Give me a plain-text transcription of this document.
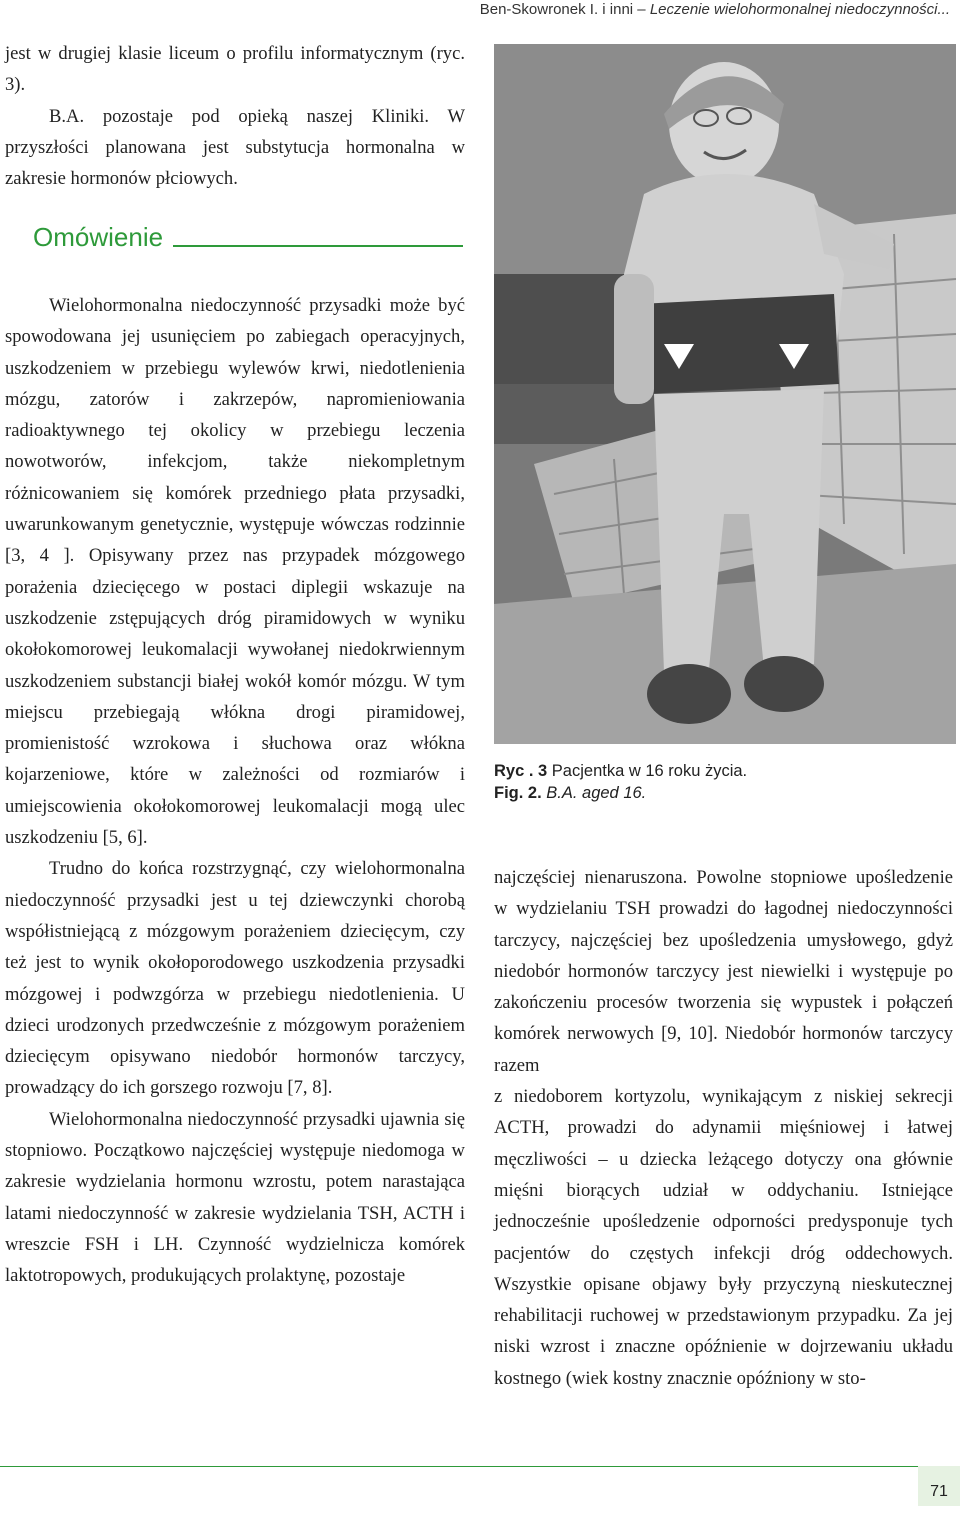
Ben-Skowronek I. i inni – Leczenie wielohormonalnej niedoczynności...

jest w drugiej klasie liceum o profilu informatycznym (ryc. 3).

B.A. pozostaje pod opieką naszej Kliniki. W przyszłości planowana jest substytucja hormonalna w zakresie hormonów płciowych.

Omówienie

Wielohormonalna niedoczynność przysadki może być spowodowana jej usunięciem po zabiegach operacyjnych, uszkodzeniem w przebiegu wylewów krwi, niedotlenienia mózgu, zatorów i zakrzepów, napromieniowania radioaktywnego tej okolicy w przebiegu leczenia nowotworów, infekcjom, także niekompletnym różnicowaniem się komórek przedniego płata przysadki, uwarunkowanym genetycznie, występuje wówczas rodzinnie [3, 4 ]. Opisywany przez nas przypadek mózgowego porażenia dziecięcego w postaci diplegii wskazuje na uszkodzenie zstępujących dróg piramidowych w wyniku okołokomorowej leukomalacji wywołanej niedokrwiennym uszkodzeniem substancji białej wokół komór mózgu. W tym miejscu przebiegają włókna drogi piramidowej, promienistość wzrokowa i słuchowa oraz włókna kojarzeniowe, które w zależności od rozmiarów i umiejscowienia okołokomorowej leukomalacji mogą ulec uszkodzeniu [5, 6].

Trudno do końca rozstrzygnąć, czy wielohormonalna niedoczynność przysadki jest u tej dziewczynki chorobą współistniejącą z mózgowym porażeniem dziecięcym, czy też jest to wynik okołoporodowego uszkodzenia przysadki mózgowej i podwzgórza w przebiegu niedotlenienia. U dzieci urodzonych przedwcześnie z mózgowym porażeniem dziecięcym opisywano niedobór hormonów tarczycy, prowadzący do ich gorszego rozwoju [7, 8].

Wielohormonalna niedoczynność przysadki ujawnia się stopniowo. Początkowo najczęściej występuje niedomoga w zakresie wydzielania hormonu wzrostu, potem narastająca latami niedoczynność w zakresie wydzielania TSH, ACTH i wreszcie FSH i LH. Czynność wydzielnicza komórek laktotropowych, produkujących prolaktynę, pozostaje

Ryc . 3 Pacjentka w 16 roku życia.
Fig. 2. B.A. aged 16.

najczęściej nienaruszona. Powolne stopniowe upośledzenie w wydzielaniu TSH prowadzi do łagodnej niedoczynności tarczycy, najczęściej bez upośledzenia umysłowego, gdyż niedobór hormonów tarczycy jest niewielki i występuje po zakończeniu procesów tworzenia się wypustek i połączeń komórek nerwowych [9, 10]. Niedobór hormonów tarczycy razem

z niedoborem kortyzolu, wynikającym z niskiej sekrecji ACTH, prowadzi do adynamii mięśniowej i łatwej męczliwości – u dziecka leżącego dotyczy ona głównie mięśni biorących udział w oddychaniu. Istniejące jednocześnie upośledzenie odporności predysponuje tych pacjentów do częstych infekcji dróg oddechowych. Wszystkie opisane objawy były przyczyną nieskutecznej rehabilitacji ruchowej w przedstawionym przypadku. Za jej niski wzrost i znaczne opóźnienie w dojrzewaniu układu kostnego (wiek kostny znacznie opóźniony w sto-

71
